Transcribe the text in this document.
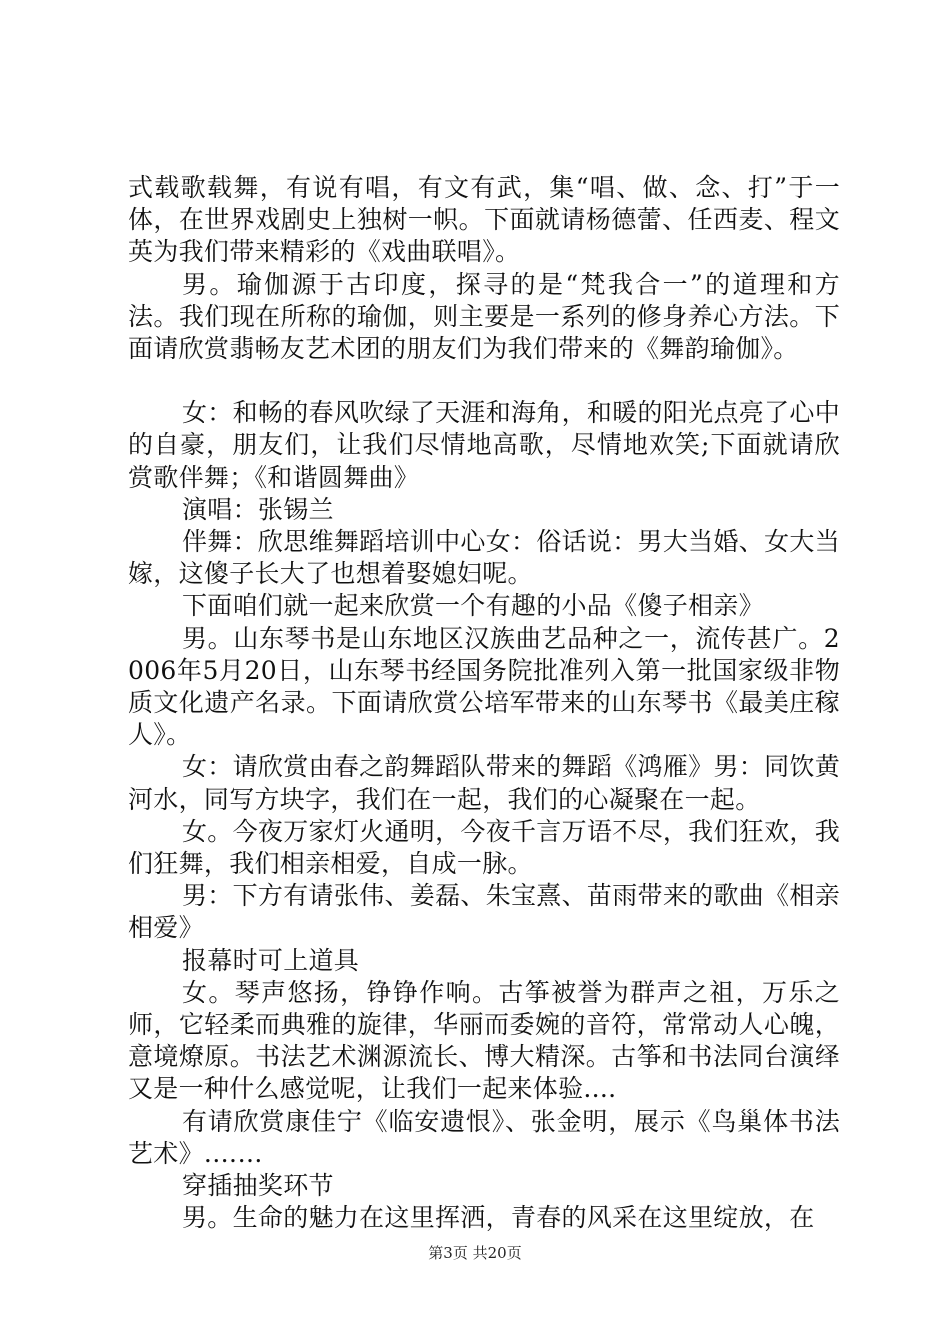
式载歌载舞，有说有唱，有文有武，集“唱、做、念、打”于一体，在世界戏剧史上独树一帜。下面就请杨德蕾、任西麦、程文英为我们带来精彩的《戏曲联唱》。

男。瑜伽源于古印度，探寻的是“梵我合一”的道理和方法。我们现在所称的瑜伽，则主要是一系列的修身养心方法。下面请欣赏翡畅友艺术团的朋友们为我们带来的《舞韵瑜伽》。

女：和畅的春风吹绿了天涯和海角，和暖的阳光点亮了心中的自豪，朋友们，让我们尽情地高歌，尽情地欢笑;下面就请欣赏歌伴舞；《和谐圆舞曲》

演唱：张锡兰

伴舞：欣思维舞蹈培训中心女：俗话说：男大当婚、女大当嫁，这傻子长大了也想着娶媳妇呢。

下面咱们就一起来欣赏一个有趣的小品《傻子相亲》

男。山东琴书是山东地区汉族曲艺品种之一，流传甚广。2006年5月20日，山东琴书经国务院批准列入第一批国家级非物质文化遗产名录。下面请欣赏公培军带来的山东琴书《最美庄稼人》。

女：请欣赏由春之韵舞蹈队带来的舞蹈《鸿雁》男：同饮黄河水，同写方块字，我们在一起，我们的心凝聚在一起。

女。今夜万家灯火通明，今夜千言万语不尽，我们狂欢，我们狂舞，我们相亲相爱，自成一脉。

男：下方有请张伟、姜磊、朱宝熹、苗雨带来的歌曲《相亲相爱》

报幕时可上道具

女。琴声悠扬，铮铮作响。古筝被誉为群声之祖，万乐之师，它轻柔而典雅的旋律，华丽而委婉的音符，常常动人心魄，意境燎原。书法艺术渊源流长、博大精深。古筝和书法同台演绎又是一种什么感觉呢，让我们一起来体验....

有请欣赏康佳宁《临安遗恨》、张金明，展示《鸟巢体书法艺术》.……

穿插抽奖环节

男。生命的魅力在这里挥洒，青春的风采在这里绽放，在

第3页 共20页
